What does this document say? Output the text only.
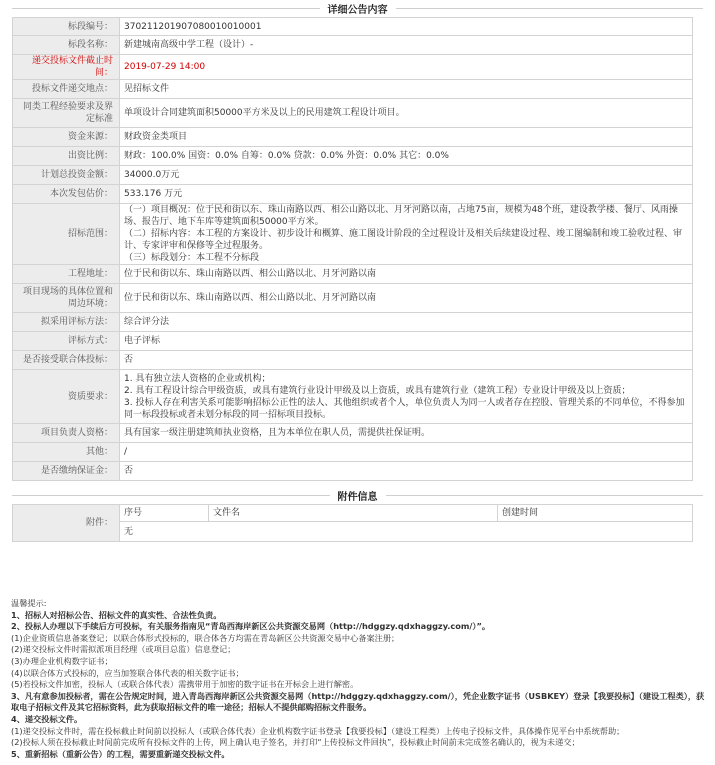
详细公告内容
标段编号：	370211201907080010010001
标段名称：	新建城南高级中学工程（设计）-
递交投标文件截止时间：	2019-07-29 14:00
投标文件递交地点：	见招标文件
同类工程经验要求及界定标准	单项设计合同建筑面积50000平方米及以上的民用建筑工程设计项目。
资金来源：	财政资金类项目
出资比例：	财政：100.0% 国资：0.0% 自筹：0.0% 贷款：0.0% 外资：0.0% 其它：0.0%
计划总投资金额：	34000.0万元
本次发包估价：	533.176 万元
招标范围：	（一）项目概况：位于民和街以东、珠山南路以西、相公山路以北、月牙河路以南，占地75亩，规模为48个班，建设教学楼、餐厅、风雨操场、报告厅、地下车库等建筑面积50000平方米。
（二）招标内容：本工程的方案设计、初步设计和概算、施工图设计阶段的全过程设计及相关后续建设过程、竣工图编制和竣工验收过程、审计、专家评审和保修等全过程服务。
（三）标段划分：本工程不分标段

工程地址：	位于民和街以东、珠山南路以西、相公山路以北、月牙河路以南
项目现场的具体位置和周边环境：	位于民和街以东、珠山南路以西、相公山路以北、月牙河路以南
拟采用评标方法：	综合评分法
评标方式：	电子评标
是否接受联合体投标：	否
资质要求：	1. 具有独立法人资格的企业或机构；
2. 具有工程设计综合甲级资质，或具有建筑行业设计甲级及以上资质，或具有建筑行业（建筑工程）专业设计甲级及以上资质；
3. 投标人存在利害关系可能影响招标公正性的法人、其他组织或者个人，单位负责人为同一人或者存在控股、管理关系的不同单位，不得参加同一标段投标或者未划分标段的同一招标项目投标。

项目负责人资格：	具有国家一级注册建筑师执业资格，且为本单位在职人员，需提供社保证明。
其他：	/
是否缴纳保证金：	否
附件信息
附件：	序号	文件名	创建时间
无

温馨提示:

1、招标人对招标公告、招标文件的真实性、合法性负责。

2、投标人办理以下手续后方可投标，有关服务指南见“青岛西海岸新区公共资源交易网（http://hdggzy.qdxhaggzy.com/）”。

(1)企业资质信息备案登记；以联合体形式投标的，联合体各方均需在青岛新区公共资源交易中心备案注册；

(2)递交投标文件时需拟派项目经理（或项目总监）信息登记；

(3)办理企业机构数字证书；

(4)以联合体方式投标的，应当加签联合体代表的相关数字证书；

(5)若投标文件加密，投标人（或联合体代表）需携带用于加密的数字证书在开标会上进行解密。

3、凡有意参加投标者，需在公告规定时间，进入青岛西海岸新区公共资源交易网（http://hdggzy.qdxhaggzy.com/），凭企业数字证书（USBKEY）登录【我要投标】（建设工程类），获取电子招标文件及其它招标资料，此为获取招标文件的唯一途径；招标人不提供邮购招标文件服务。

4、递交投标文件。

(1)递交投标文件时，需在投标截止时间前以投标人（或联合体代表）企业机构数字证书登录【我要投标】（建设工程类）上传电子投标文件，具体操作见平台中系统帮助；

(2)投标人须在投标截止时间前完成所有投标文件的上传，网上确认电子签名，并打印“上传投标文件回执”，投标截止时间前未完成签名确认的，视为未递交；

5、重新招标（重新公告）的工程，需要重新递交投标文件。
